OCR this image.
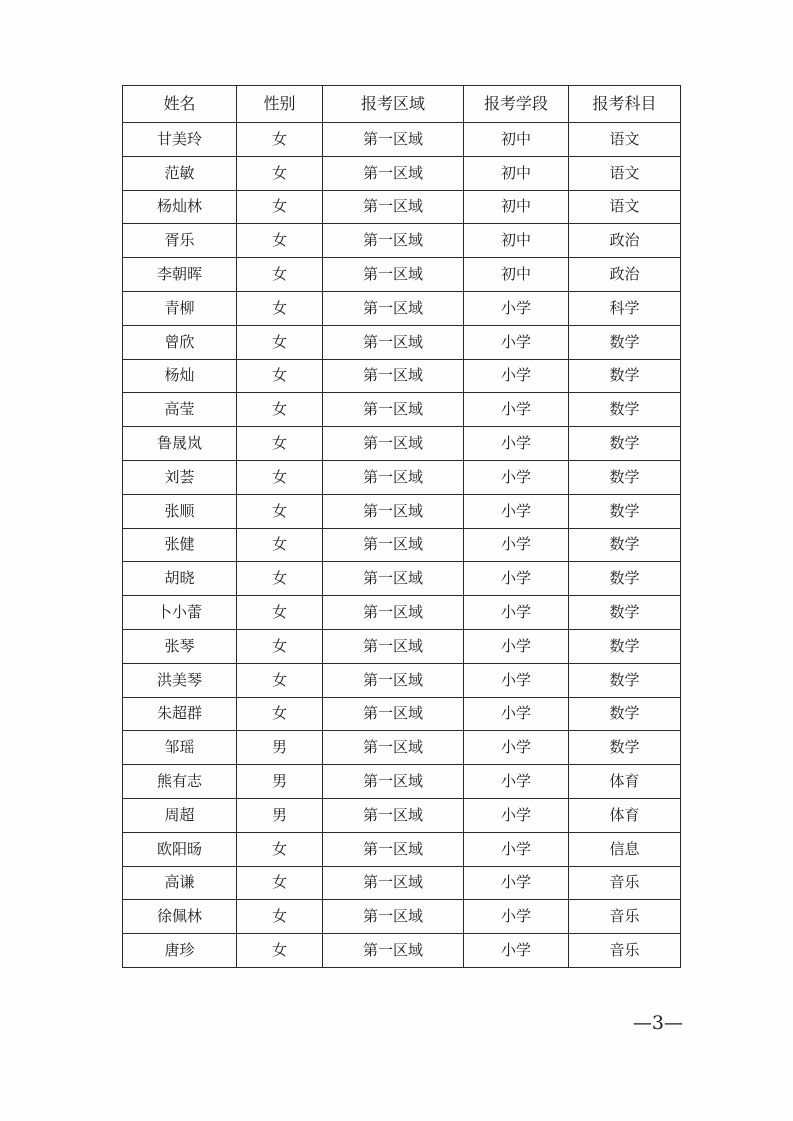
姓名	性别	报考区域	报考学段	报考科目
甘美玲	女	第一区域	初中	语文
范敏	女	第一区域	初中	语文
杨灿林	女	第一区域	初中	语文
胥乐	女	第一区域	初中	政治
李朝晖	女	第一区域	初中	政治
青柳	女	第一区域	小学	科学
曾欣	女	第一区域	小学	数学
杨灿	女	第一区域	小学	数学
高莹	女	第一区域	小学	数学
鲁晟岚	女	第一区域	小学	数学
刘荟	女	第一区域	小学	数学
张顺	女	第一区域	小学	数学
张健	女	第一区域	小学	数学
胡晓	女	第一区域	小学	数学
卜小蕾	女	第一区域	小学	数学
张琴	女	第一区域	小学	数学
洪美琴	女	第一区域	小学	数学
朱超群	女	第一区域	小学	数学
邹瑶	男	第一区域	小学	数学
熊有志	男	第一区域	小学	体育
周超	男	第一区域	小学	体育
欧阳旸	女	第一区域	小学	信息
高谦	女	第一区域	小学	音乐
徐佩林	女	第一区域	小学	音乐
唐珍	女	第一区域	小学	音乐
—3—
